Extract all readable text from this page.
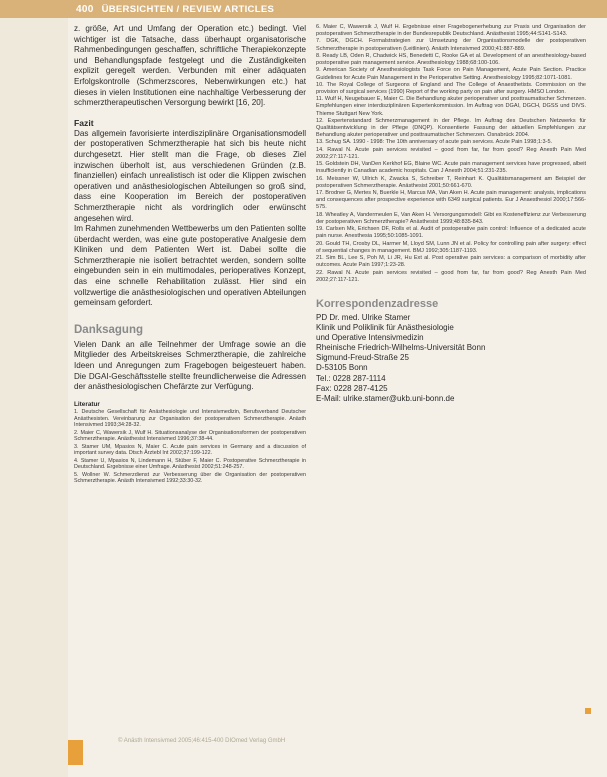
400 ÜBERSICHTEN / REVIEW ARTICLES

z. größe, Art und Umfang der Operation etc.) bedingt. Viel wichtiger ist die Tatsache, dass überhaupt organisatorische Rahmenbedingungen geschaffen, schriftliche Therapiekonzepte und Behandlungspfade festgelegt und die Zuständigkeiten explizit geregelt werden. Verbunden mit einer adäquaten Erfolgskontrolle (Schmerzscores, Nebenwirkungen etc.) hat dieses in vielen Institutionen eine nachhaltige Verbesserung der schmerztherapeutischen Versorgung bewirkt [16, 20].

Fazit

Das allgemein favorisierte interdisziplinäre Organisationsmodell der postoperativen Schmerztherapie hat sich bis heute nicht durchgesetzt. Hier stellt man die Frage, ob dieses Ziel inzwischen überholt ist, aus verschiedenen Gründen (z.B. finanziellen) einfach unrealistisch ist oder die Klippen zwischen operativen und anästhesiologischen Abteilungen so groß sind, dass eine Kooperation im Bereich der postoperativen Schmerztherapie nicht als vordringlich oder erwünscht angesehen wird.

Im Rahmen zunehmenden Wettbewerbs um den Patienten sollte überdacht werden, was eine gute postoperative Analgesie dem Kliniken und dem Patienten Wert ist. Dabei sollte die Schmerztherapie nie isoliert betrachtet werden, sondern sollte eingebunden sein in ein multimodales, perioperatives Konzept, das eine schnelle Rehabilitation zulässt. Hier sind ein vollzwertige die anästhesiologischen und operativen Abteilungen gemeinsam gefordert.

Danksagung

Vielen Dank an alle Teilnehmer der Umfrage sowie an die Mitglieder des Arbeitskreises Schmerztherapie, die zahlreiche Ideen und Anregungen zum Fragebogen beigesteuert haben. Die DGAI-Geschäftsstelle stellte freundlicherweise die Adressen der anästhesiologischen Chefärzte zur Verfügung.

Literatur

1. Deutsche Gesellschaft für Anästhesiologie und Intensivmedizin, Berufsverband Deutscher Anästhesisten. Vereinbarung zur Organisation der postoperativen Schmerztherapie. Anästh Intensivmed 1993;34:28-32.

2. Maier C, Wawersik J, Wulf H. Situationsanalyse der Organisationsformen der postoperativen Schmerztherapie. Anästhesist Intensivmed 1996;37:38-44.

3. Stamer UM, Mpasios N, Maier C. Acute pain services in Germany and a discussion of important survey data. Dtsch Ärztebl Int 2002;37:199-122.

4. Stamer U, Mpasios N, Lindemann H, Stüber F, Maier C. Postoperative Schmerztherapie in Deutschland. Ergebnisse einer Umfrage. Anästhesist 2002;51:248-257.

5. Wollner W. Schmerzdienst zur Verbesserung über die Organisation der postoperativen Schmerztherapie. Anästh Intensivmed 1992;33:30-32.

6. Maier C, Wawersik J, Wulf H. Ergebnisse einer Fragebogenerhebung zur Praxis und Organisation der postoperativen Schmerztherapie in der Bundesrepublik Deutschland. Anästhesist 1995;44:S141-S143.

7. DGK, DGCH. Formalstrategien zur Umsetzung der Organisationsmodelle der postoperativen Schmerztherapie in postoperativen (Leitlinien). Anästh Intensivmed 2000;41:887-889.

8. Ready LB, Oden R, Chadwick HS, Benedetti C, Rooke GA et al. Development of an anesthesiology-based postoperative pain management service. Anesthesiology 1988;68:100-106.

9. American Society of Anesthesiologists Task Force on Pain Management, Acute Pain Section. Practice Guidelines for Acute Pain Management in the Perioperative Setting. Anesthesiology 1995;82:1071-1081.

10. The Royal College of Surgeons of England and The College of Anaesthetists. Commission on the provision of surgical services (1990) Report of the working party on pain after surgery. HMSO London.

11. Wulf H, Neugebauer E, Maier C. Die Behandlung akuter perioperativer und posttraumatischer Schmerzen. Empfehlungen einer interdisziplinären Expertenkommission. Im Auftrag von DGAI, DGCH, DGSS und DIVS. Thieme Stuttgart New York.

12. Expertenstandard Schmerzmanagement in der Pflege. Im Auftrag des Deutschen Netzwerks für Qualitätsentwicklung in der Pflege (DNQP). Konsentierte Fassung der aktuellen Empfehlungen zur Behandlung akuter perioperativer und posttraumatischer Schmerzen. Osnabrück 2004.

13. Schug SA. 1990 - 1998: The 10th anniversary of acute pain services. Acute Pain 1998;1:3-5.

14. Rawal N. Acute pain services revisited – good from far, far from good? Reg Anesth Pain Med 2002;27:117-121.

15. Goldstein DH, VanDen Kerkhof EG, Blaine WC. Acute pain management services have progressed, albeit insufficiently in Canadian academic hospitals. Can J Anesth 2004;51:231-235.

16. Meissner W, Ullrich K, Zwacka S, Schreiber T, Reinhart K. Qualitätsmanagement am Beispiel der postoperativen Schmerztherapie. Anästhesist 2001;50:661-670.

17. Brodner G, Mertes N, Buerkle H, Marcus MA, Van Aken H. Acute pain management: analysis, implications and consequences after prospective experience with 6349 surgical patients. Eur J Anaesthesiol 2000;17:566-575.

18. Wheatley A, Vandermeulen E, Van Aken H. Versorgungsmodell: Gibt es Kosteneffizienz zur Verbesserung der postoperativen Schmerztherapie? Anästhesist 1999;48:835-843.

19. Carlsen Mk, Erichsen DF, Rolls et al. Audit of postoperative pain control: Influence of a dedicated acute pain nurse. Anesthesia 1995;50:1085-1091.

20. Gould TH, Crosby DL, Harmer M, Lloyd SM, Lunn JN et al. Policy for controlling pain after surgery: effect of sequential changes in management. BMJ 1992;305:1187-1193.

21. Sim BL, Lee S, Poh M, Li JR, Hu Ext al. Post operative pain services: a comparison of morbidity after outcomes. Acute Pain 1997;1:23-28.

22. Rawal N. Acute pain services revisited – good from far, far from good? Reg Anesth Pain Med 2002;27:117-121.

Korrespondenzadresse

PD Dr. med. Ulrike Stamer

Klinik und Poliklinik für Anästhesiologie

und Operative Intensivmedizin

Rheinische Friedrich-Wilhelms-Universität Bonn

Sigmund-Freud-Straße 25

D-53105 Bonn

Tel.: 0228 287-1114

Fax: 0228 287-4125

E-Mail: ulrike.stamer@ukb.uni-bonn.de

© Anästh Intensivmed 2005;46:415-400 DIOmed Verlag GmbH
